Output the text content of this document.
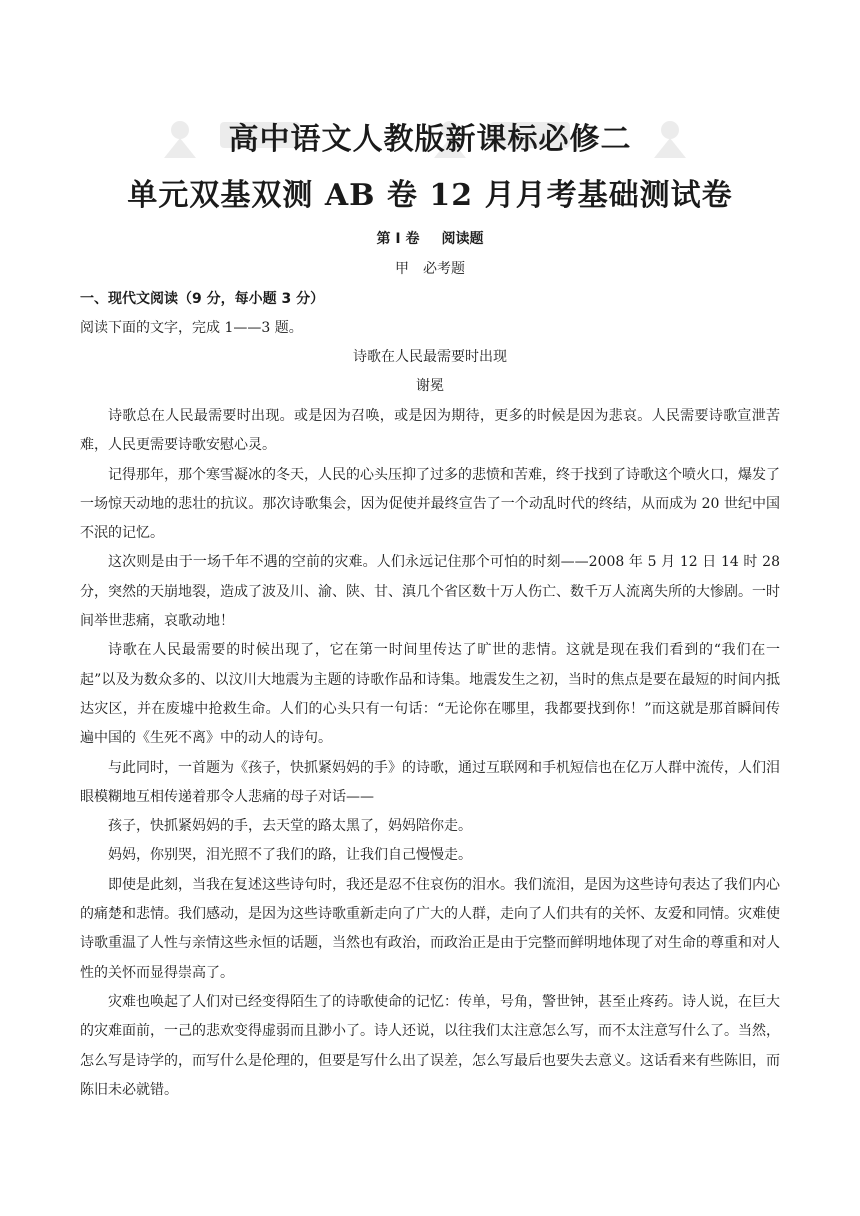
高中语文人教版新课标必修二
单元双基双测 AB 卷 12 月月考基础测试卷
第 I 卷 阅读题
甲 必考题
一、现代文阅读（9 分，每小题 3 分）
阅读下面的文字，完成 1——3 题。
诗歌在人民最需要时出现
谢冕

诗歌总在人民最需要时出现。或是因为召唤，或是因为期待，更多的时候是因为悲哀。人民需要诗歌宣泄苦难，人民更需要诗歌安慰心灵。

记得那年，那个寒雪凝冰的冬天，人民的心头压抑了过多的悲愤和苦难，终于找到了诗歌这个喷火口，爆发了一场惊天动地的悲壮的抗议。那次诗歌集会，因为促使并最终宣告了一个动乱时代的终结，从而成为 20 世纪中国不泯的记忆。

这次则是由于一场千年不遇的空前的灾难。人们永远记住那个可怕的时刻——2008 年 5 月 12 日 14 时 28 分，突然的天崩地裂，造成了波及川、渝、陕、甘、滇几个省区数十万人伤亡、数千万人流离失所的大惨剧。一时间举世悲痛，哀歌动地！

诗歌在人民最需要的时候出现了，它在第一时间里传达了旷世的悲情。这就是现在我们看到的“我们在一起”以及为数众多的、以汶川大地震为主题的诗歌作品和诗集。地震发生之初，当时的焦点是要在最短的时间内抵达灾区，并在废墟中抢救生命。人们的心头只有一句话：“无论你在哪里，我都要找到你！”而这就是那首瞬间传遍中国的《生死不离》中的动人的诗句。

与此同时，一首题为《孩子，快抓紧妈妈的手》的诗歌，通过互联网和手机短信也在亿万人群中流传，人们泪眼模糊地互相传递着那令人悲痛的母子对话——

孩子，快抓紧妈妈的手，去天堂的路太黑了，妈妈陪你走。

妈妈，你别哭，泪光照不了我们的路，让我们自己慢慢走。

即使是此刻，当我在复述这些诗句时，我还是忍不住哀伤的泪水。我们流泪，是因为这些诗句表达了我们内心的痛楚和悲情。我们感动，是因为这些诗歌重新走向了广大的人群，走向了人们共有的关怀、友爱和同情。灾难使诗歌重温了人性与亲情这些永恒的话题，当然也有政治，而政治正是由于完整而鲜明地体现了对生命的尊重和对人性的关怀而显得崇高了。

灾难也唤起了人们对已经变得陌生了的诗歌使命的记忆：传单，号角，警世钟，甚至止疼药。诗人说，在巨大的灾难面前，一己的悲欢变得虚弱而且渺小了。诗人还说，以往我们太注意怎么写，而不太注意写什么了。当然，怎么写是诗学的，而写什么是伦理的，但要是写什么出了误差，怎么写最后也要失去意义。这话看来有些陈旧，而陈旧未必就错。
